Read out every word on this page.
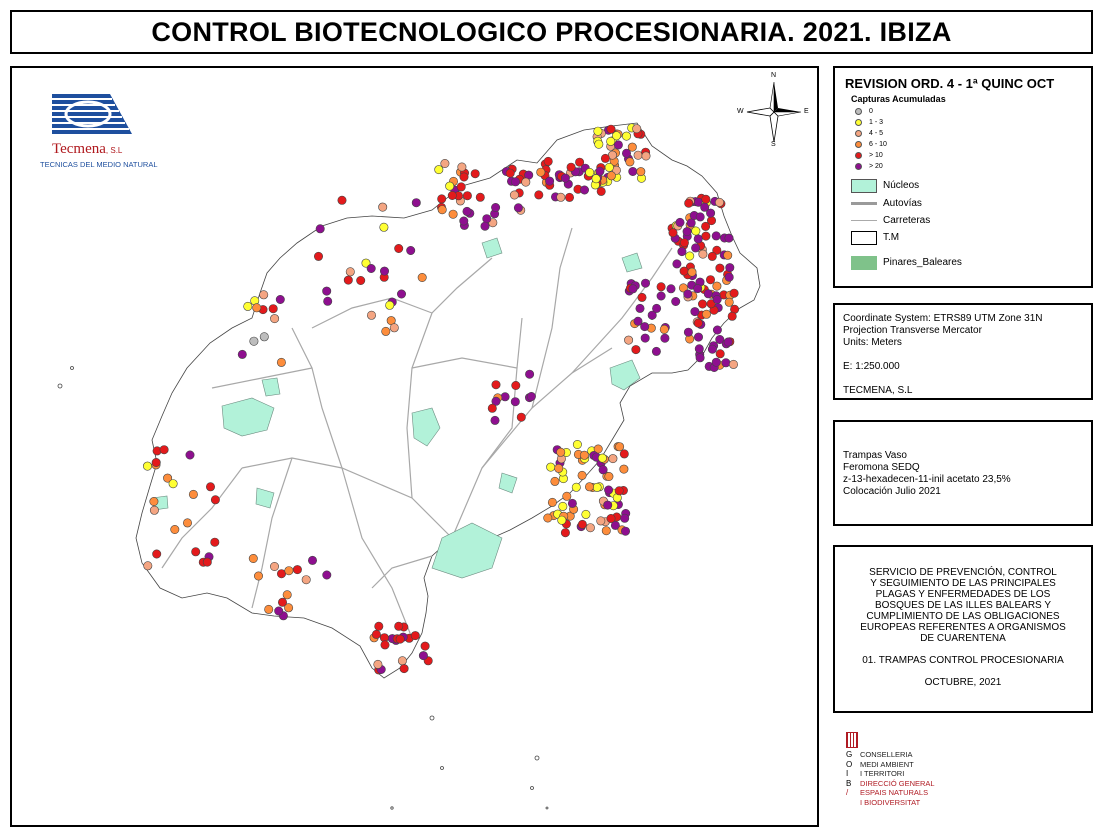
CONTROL BIOTECNOLOGICO PROCESIONARIA. 2021. IBIZA
Tecmena, S.L
TECNICAS DEL MEDIO NATURAL
N
S
W	E
REVISION ORD. 4 - 1ª QUINC OCT
Capturas Acumuladas
0
1 - 3
4 - 5
6 - 10
> 10
> 20
Núcleos
Autovías
Carreteras
T.M
Pinares_Baleares
Coordinate System: ETRS89 UTM Zone 31N
Projection Transverse Mercator
Units: Meters
E: 1:250.000
TECMENA, S.L
Trampas Vaso
Feromona SEDQ
z-13-hexadecen-11-inil acetato 23,5%
Colocación Julio 2021
SERVICIO DE PREVENCIÓN, CONTROL
Y SEGUIMIENTO DE LAS PRINCIPALES
PLAGAS Y ENFERMEDADES DE LOS
BOSQUES DE LAS ILLES BALEARS Y
CUMPLIMIENTO DE LAS OBLIGACIONES
EUROPEAS REFERENTES A ORGANISMOS
DE CUARENTENA
01. TRAMPAS CONTROL PROCESIONARIA
OCTUBRE, 2021
G
O
I
B
/
CONSELLERIA
MEDI AMBIENT
I TERRITORI
DIRECCIÓ GENERAL
ESPAIS NATURALS
I BIODIVERSITAT
